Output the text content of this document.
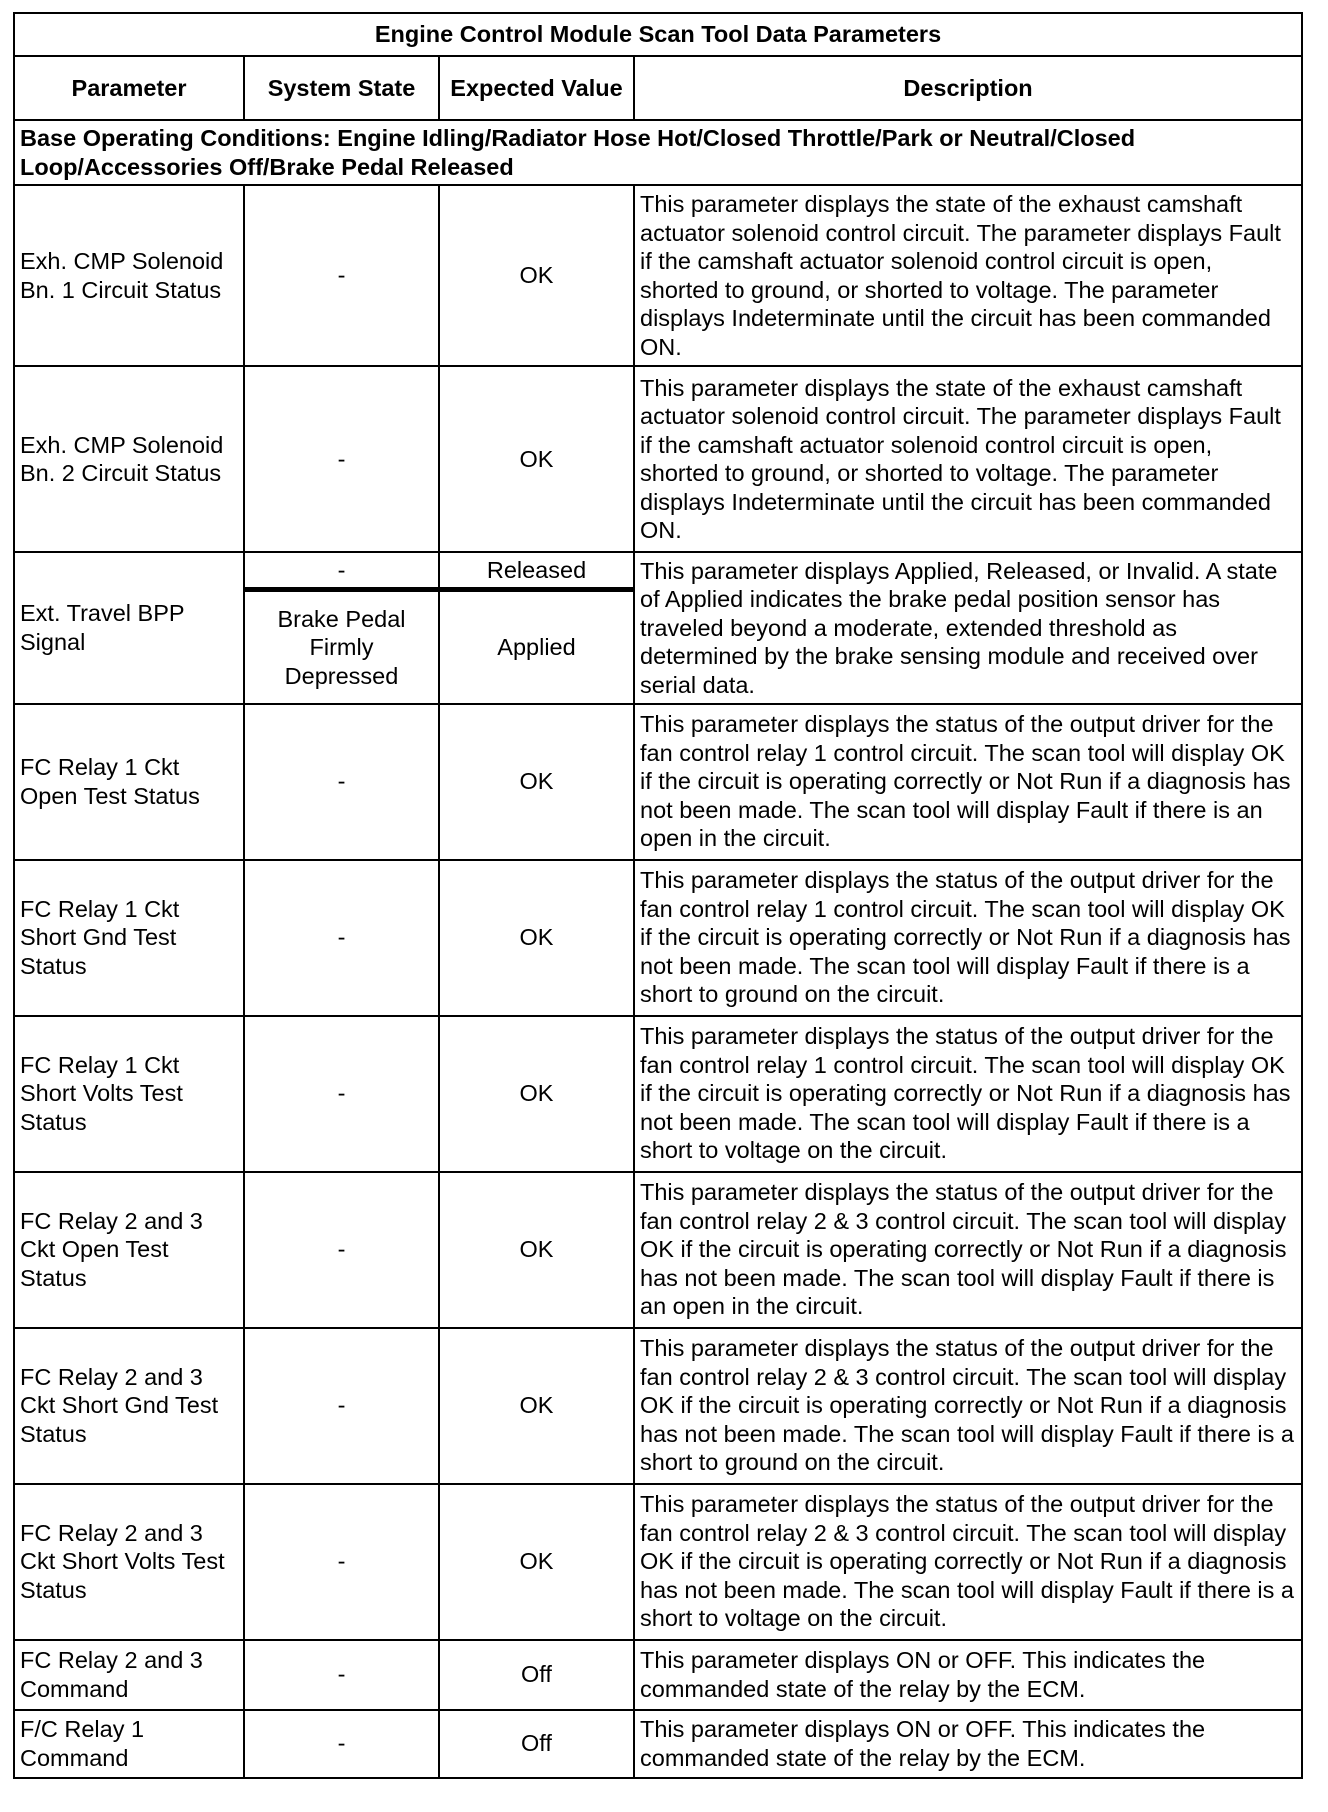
Engine Control Module Scan Tool Data Parameters			
Parameter	System State	Expected Value	Description
Base Operating Conditions: Engine Idling/Radiator Hose Hot/Closed Throttle/Park or Neutral/Closed Loop/Accessories Off/Brake Pedal Released			
Exh. CMP Solenoid Bn. 1 Circuit Status	-	OK	This parameter displays the state of the exhaust camshaft actuator solenoid control circuit. The parameter displays Fault if the camshaft actuator solenoid control circuit is open, shorted to ground, or shorted to voltage. The parameter displays Indeterminate until the circuit has been commanded ON.
Exh. CMP Solenoid Bn. 2 Circuit Status	-	OK	This parameter displays the state of the exhaust camshaft actuator solenoid control circuit. The parameter displays Fault if the camshaft actuator solenoid control circuit is open, shorted to ground, or shorted to voltage. The parameter displays Indeterminate until the circuit has been commanded ON.
Ext. Travel BPP Signal	-	Released	This parameter displays Applied, Released, or Invalid. A state of Applied indicates the brake pedal position sensor has traveled beyond a moderate, extended threshold as determined by the brake sensing module and received over serial data.
	Brake Pedal Firmly Depressed	Applied	
FC Relay 1 Ckt Open Test Status	-	OK	This parameter displays the status of the output driver for the fan control relay 1 control circuit. The scan tool will display OK if the circuit is operating correctly or Not Run if a diagnosis has not been made. The scan tool will display Fault if there is an open in the circuit.
FC Relay 1 Ckt Short Gnd Test Status	-	OK	This parameter displays the status of the output driver for the fan control relay 1 control circuit. The scan tool will display OK if the circuit is operating correctly or Not Run if a diagnosis has not been made. The scan tool will display Fault if there is a short to ground on the circuit.
FC Relay 1 Ckt Short Volts Test Status	-	OK	This parameter displays the status of the output driver for the fan control relay 1 control circuit. The scan tool will display OK if the circuit is operating correctly or Not Run if a diagnosis has not been made. The scan tool will display Fault if there is a short to voltage on the circuit.
FC Relay 2 and 3 Ckt Open Test Status	-	OK	This parameter displays the status of the output driver for the fan control relay 2 & 3 control circuit. The scan tool will display OK if the circuit is operating correctly or Not Run if a diagnosis has not been made. The scan tool will display Fault if there is an open in the circuit.
FC Relay 2 and 3 Ckt Short Gnd Test Status	-	OK	This parameter displays the status of the output driver for the fan control relay 2 & 3 control circuit. The scan tool will display OK if the circuit is operating correctly or Not Run if a diagnosis has not been made. The scan tool will display Fault if there is a short to ground on the circuit.
FC Relay 2 and 3 Ckt Short Volts Test Status	-	OK	This parameter displays the status of the output driver for the fan control relay 2 & 3 control circuit. The scan tool will display OK if the circuit is operating correctly or Not Run if a diagnosis has not been made. The scan tool will display Fault if there is a short to voltage on the circuit.
FC Relay 2 and 3 Command	-	Off	This parameter displays ON or OFF. This indicates the commanded state of the relay by the ECM.
F/C Relay 1 Command	-	Off	This parameter displays ON or OFF. This indicates the commanded state of the relay by the ECM.
